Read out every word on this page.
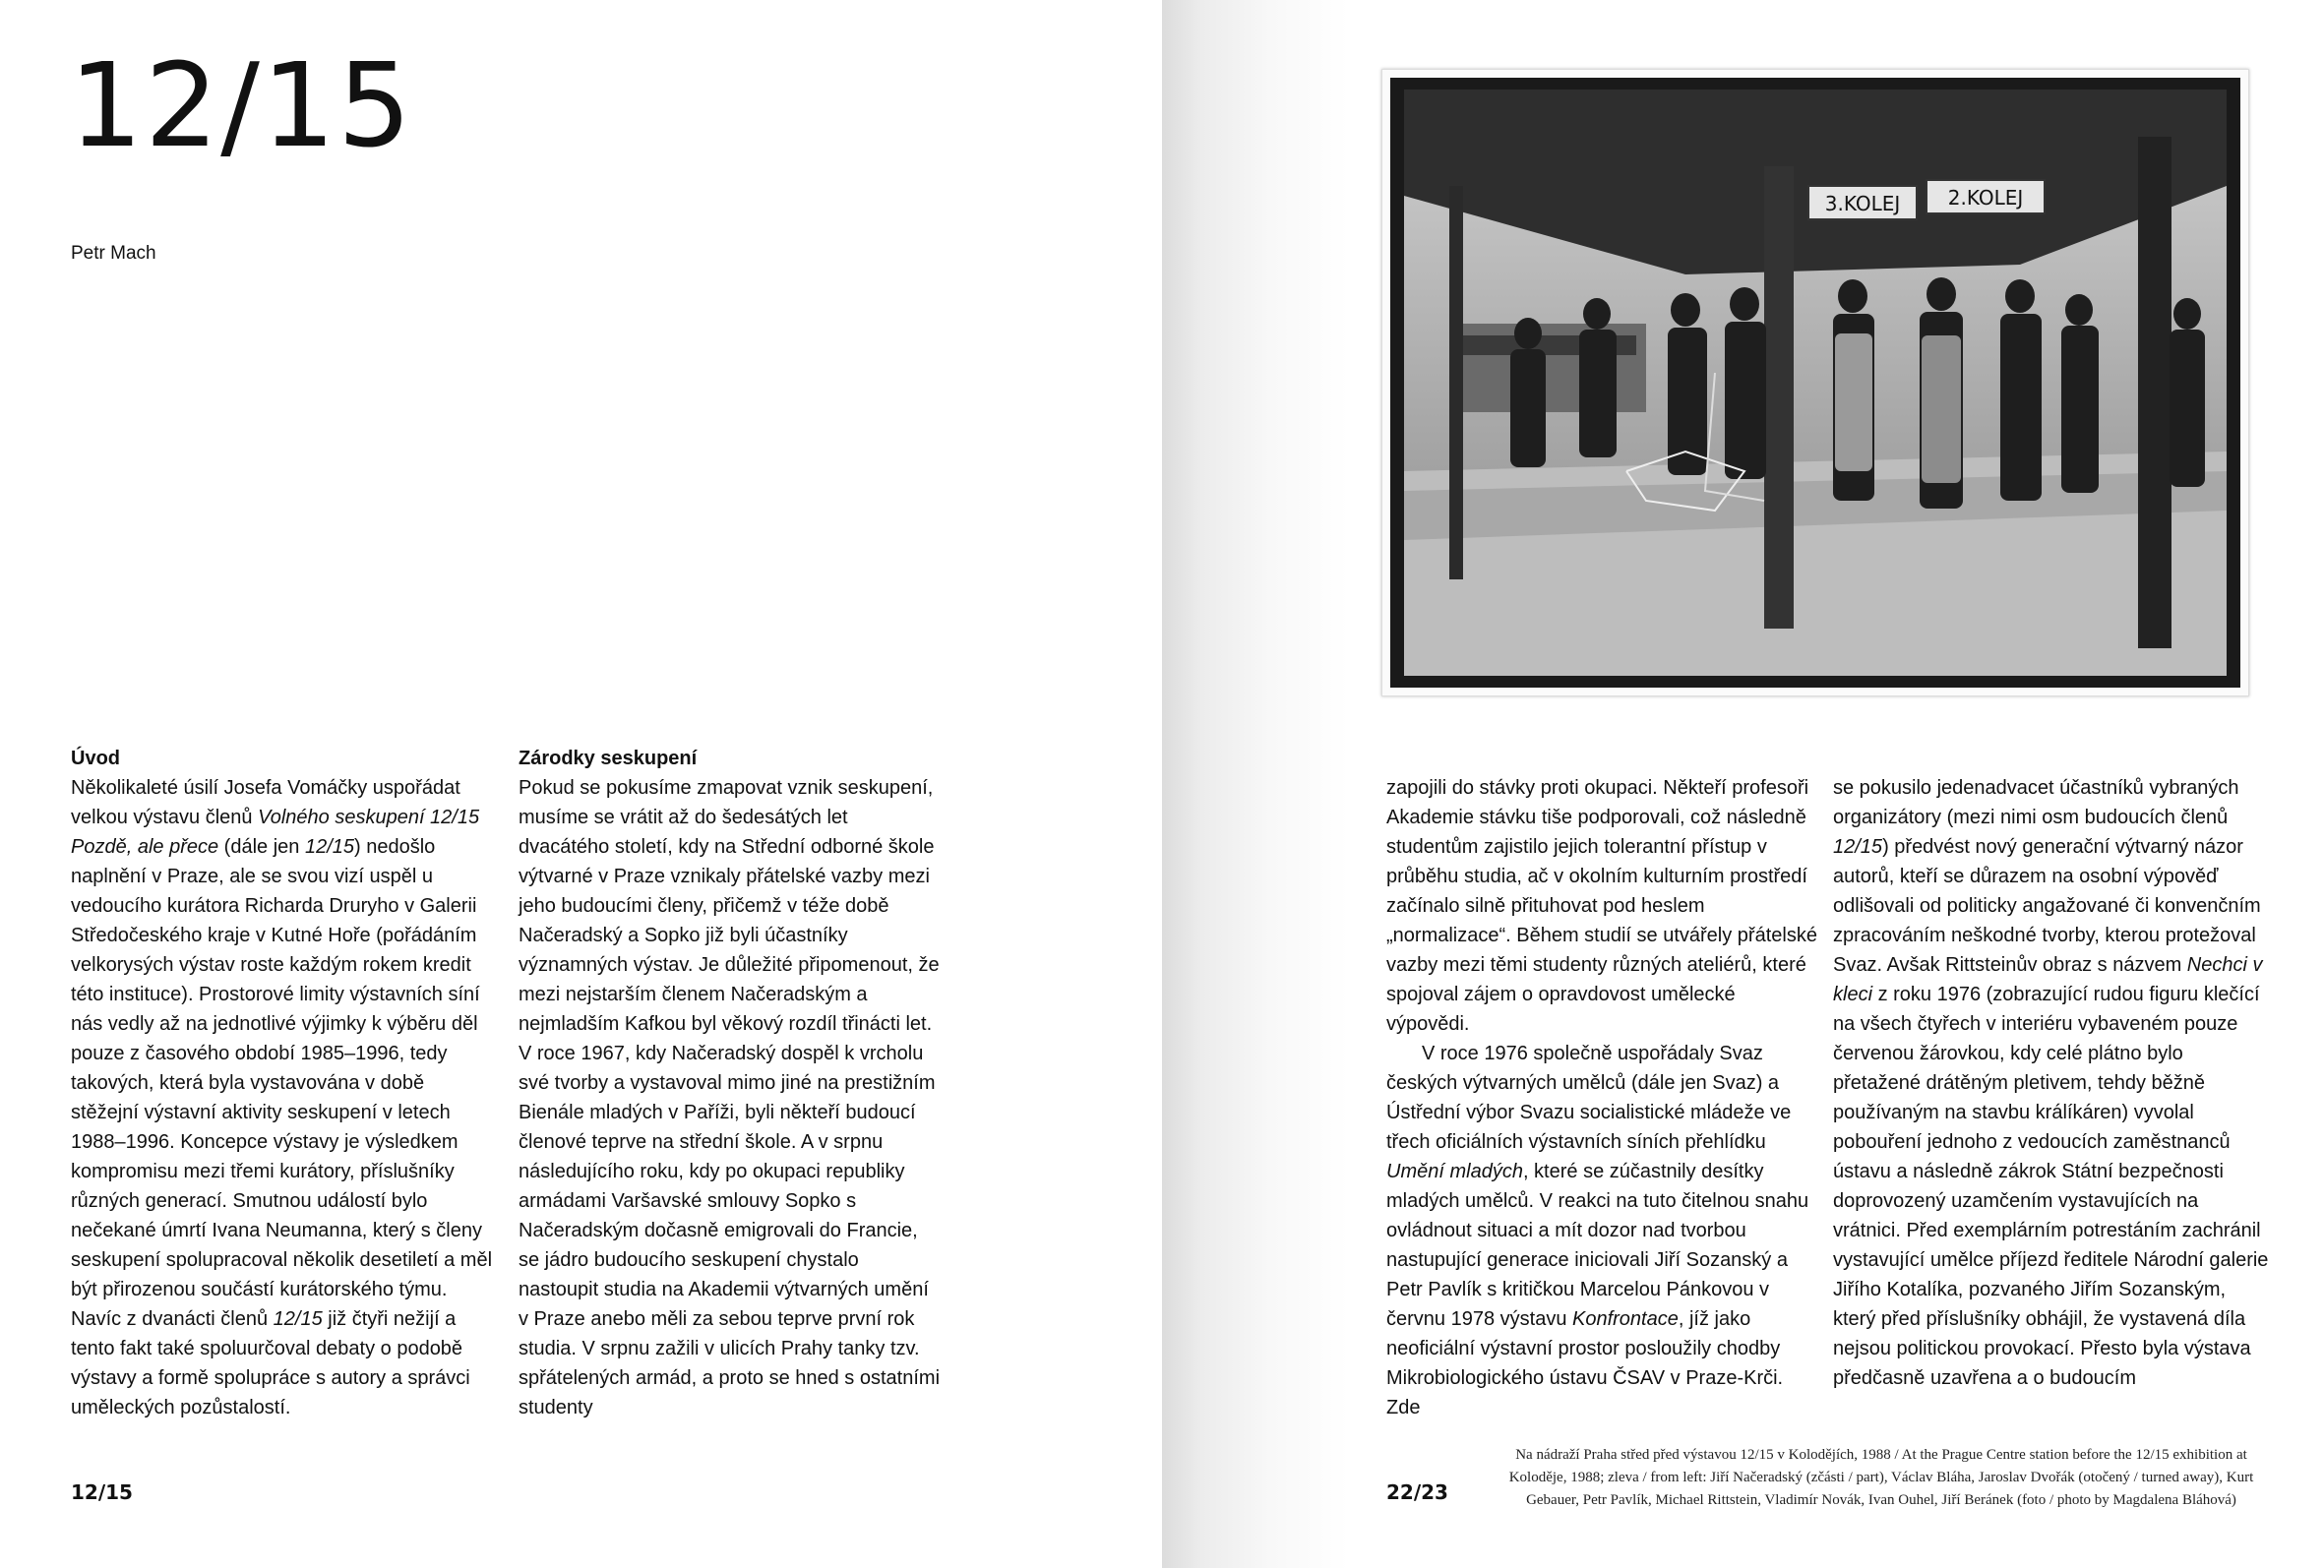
12/15
Petr Mach

Úvod

Několikaleté úsilí Josefa Vomáčky uspořádat velkou výstavu členů Volného seskupení 12/15 Pozdě, ale přece (dále jen 12/15) nedošlo naplnění v Praze, ale se svou vizí uspěl u vedoucího kurátora Richarda Druryho v Galerii Středočeského kraje v Kutné Hoře (pořádáním velkorysých výstav roste každým rokem kredit této instituce). Prostorové limity výstavních síní nás vedly až na jednotlivé výjimky k výběru děl pouze z časového období 1985–1996, tedy takových, která byla vystavována v době stěžejní výstavní aktivity seskupení v letech 1988–1996. Koncepce výstavy je výsledkem kompromisu mezi třemi kurátory, příslušníky různých generací. Smutnou událostí bylo nečekané úmrtí Ivana Neumanna, který s členy seskupení spolupracoval několik desetiletí a měl být přirozenou součástí kurátorského týmu. Navíc z dvanácti členů 12/15 již čtyři nežijí a tento fakt také spoluurčoval debaty o podobě výstavy a formě spolupráce s autory a správci uměleckých pozůstalostí.

Zárodky seskupení

Pokud se pokusíme zmapovat vznik seskupení, musíme se vrátit až do šedesátých let dvacátého století, kdy na Střední odborné škole výtvarné v Praze vznikaly přátelské vazby mezi jeho budoucími členy, přičemž v téže době Načeradský a Sopko již byli účastníky významných výstav. Je důležité připomenout, že mezi nejstarším členem Načeradským a nejmladším Kafkou byl věkový rozdíl třinácti let. V roce 1967, kdy Načeradský dospěl k vrcholu své tvorby a vystavoval mimo jiné na prestižním Bienále mladých v Paříži, byli někteří budoucí členové teprve na střední škole. A v srpnu následujícího roku, kdy po okupaci republiky armádami Varšavské smlouvy Sopko s Načeradským dočasně emigrovali do Francie, se jádro budoucího seskupení chystalo nastoupit studia na Akademii výtvarných umění v Praze anebo měli za sebou teprve první rok studia. V srpnu zažili v ulicích Prahy tanky tzv. spřátelených armád, a proto se hned s ostatními studenty

12/15
3.KOLEJ 2.KOLEJ

zapojili do stávky proti okupaci. Někteří profesoři Akademie stávku tiše podporovali, což následně studentům zajistilo jejich tolerantní přístup v průběhu studia, ač v okolním kulturním prostředí začínalo silně přituhovat pod heslem „normalizace“. Během studií se utvářely přátelské vazby mezi těmi studenty různých ateliérů, které spojoval zájem o opravdovost umělecké výpovědi.

V roce 1976 společně uspořádaly Svaz českých výtvarných umělců (dále jen Svaz) a Ústřední výbor Svazu socialistické mládeže ve třech oficiálních výstavních síních přehlídku Umění mladých, které se zúčastnily desítky mladých umělců. V reakci na tuto čitelnou snahu ovládnout situaci a mít dozor nad tvorbou nastupující generace iniciovali Jiří Sozanský a Petr Pavlík s kritičkou Marcelou Pánkovou v červnu 1978 výstavu Konfrontace, jíž jako neoficiální výstavní prostor posloužily chodby Mikrobiologického ústavu ČSAV v Praze-Krči. Zde

se pokusilo jedenadvacet účastníků vybraných organizátory (mezi nimi osm budoucích členů 12/15) předvést nový generační výtvarný názor autorů, kteří se důrazem na osobní výpověď odlišovali od politicky angažované či konvenčním zpracováním neškodné tvorby, kterou protežoval Svaz. Avšak Rittsteinův obraz s názvem Nechci v kleci z roku 1976 (zobrazující rudou figuru klečící na všech čtyřech v interiéru vybaveném pouze červenou žárovkou, kdy celé plátno bylo přetažené drátěným pletivem, tehdy běžně používaným na stavbu králíkáren) vyvolal pobouření jednoho z vedoucích zaměstnanců ústavu a následně zákrok Státní bezpečnosti doprovozený uzamčením vystavujících na vrátnici. Před exemplárním potrestáním zachránil vystavující umělce příjezd ředitele Národní galerie Jiřího Kotalíka, pozvaného Jiřím Sozanským, který před příslušníky obhájil, že vystavená díla nejsou politickou provokací. Přesto byla výstava předčasně uzavřena a o budoucím

22/23
Na nádraží Praha střed před výstavou 12/15 v Kolodějích, 1988 / At the Prague Centre station before the 12/15 exhibition at Koloděje, 1988; zleva / from left: Jiří Načeradský (zčásti / part), Václav Bláha, Jaroslav Dvořák (otočený / turned away), Kurt Gebauer, Petr Pavlík, Michael Rittstein, Vladimír Novák, Ivan Ouhel, Jiří Beránek (foto / photo by Magdalena Bláhová)
